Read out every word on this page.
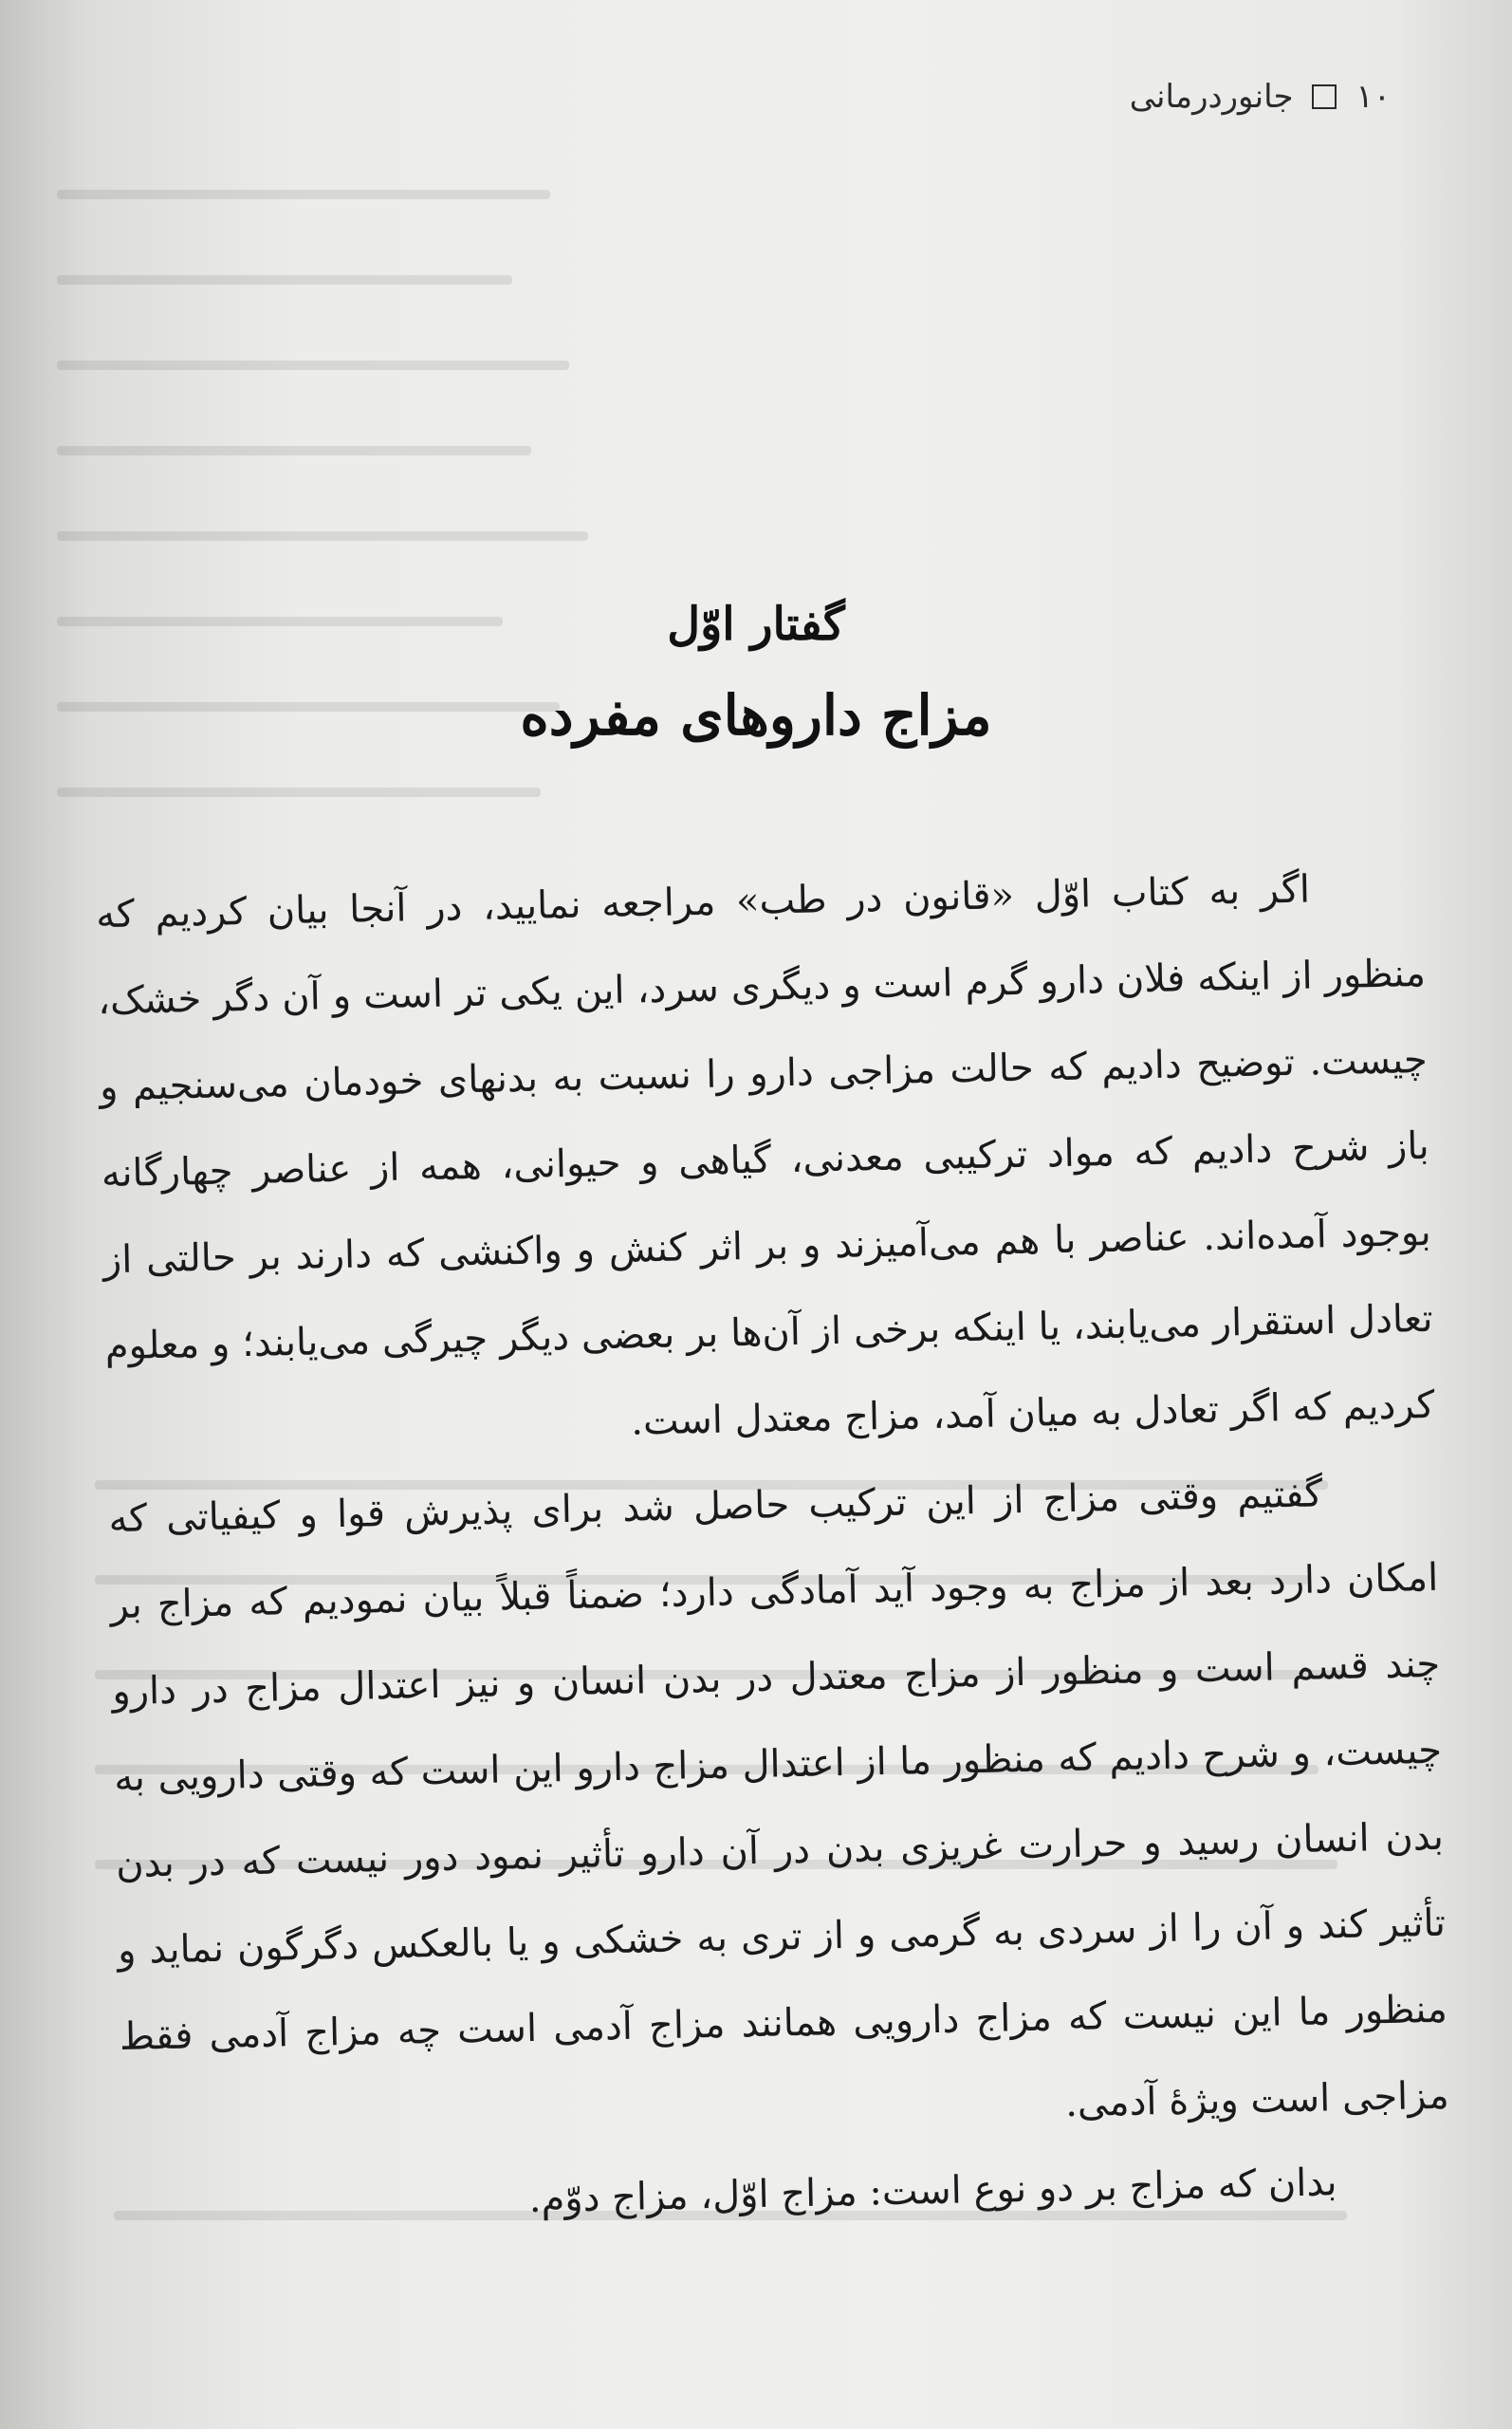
۱۰
جانوردرمانی
گفتار اوّل
مزاج داروهای مفرده

اگر به کتاب اوّل «قانون در طب» مراجعه نمایید، در آنجا بیان کردیم که منظور از اینکه فلان دارو گرم است و دیگری سرد، این یکی تر است و آن دگر خشک، چیست. توضیح دادیم که حالت مزاجی دارو را نسبت به بدنهای خودمان می‌سنجیم و باز شرح دادیم که مواد ترکیبی معدنی، گیاهی و حیوانی، همه از عناصر چهارگانه بوجود آمده‌اند. عناصر با هم می‌آمیزند و بر اثر کنش و واکنشی که دارند بر حالتی از تعادل استقرار می‌یابند، یا اینکه برخی از آن‌ها بر بعضی دیگر چیرگی می‌یابند؛ و معلوم کردیم که اگر تعادل به میان آمد، مزاج معتدل است.

گفتیم وقتی مزاج از این ترکیب حاصل شد برای پذیرش قوا و کیفیاتی که امکان دارد بعد از مزاج به وجود آید آمادگی دارد؛ ضمناً قبلاً بیان نمودیم که مزاج بر چند قسم است و منظور از مزاج معتدل در بدن انسان و نیز اعتدال مزاج در دارو چیست، و شرح دادیم که منظور ما از اعتدال مزاج دارو این است که وقتی دارویی به بدن انسان رسید و حرارت غریزی بدن در آن دارو تأثیر نمود دور نیست که در بدن تأثیر کند و آن را از سردی به گرمی و از تری به خشکی و یا بالعکس دگرگون نماید و منظور ما این نیست که مزاج دارویی همانند مزاج آدمی است چه مزاج آدمی فقط مزاجی است ویژهٔ آدمی.

بدان که مزاج بر دو نوع است: مزاج اوّل، مزاج دوّم.
